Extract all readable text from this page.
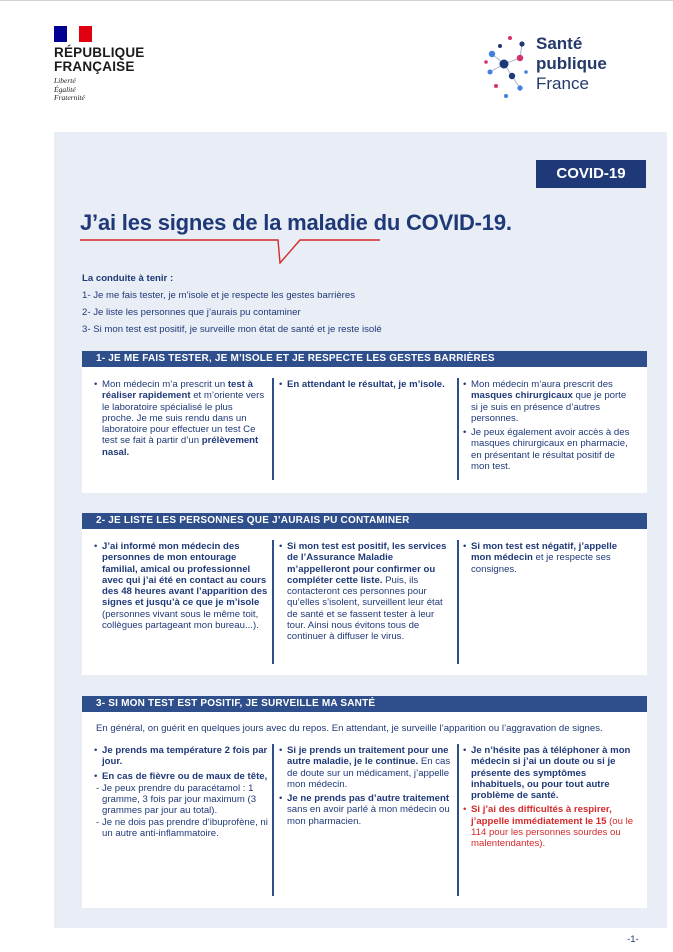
RÉPUBLIQUE
FRANÇAISE
Liberté
Égalité
Fraternité
Santé
publique
France
COVID-19
J’ai les signes de la maladie du COVID-19.
La conduite à tenir :
1- Je me fais tester, je m’isole et je respecte les gestes barrières
2- Je liste les personnes que j’aurais pu contaminer
3- Si mon test est positif, je surveille mon état de santé et je reste isolé
1- JE ME FAIS TESTER, JE M’ISOLE ET JE RESPECTE LES GESTES BARRIÈRES
• Mon médecin m’a prescrit un test à réaliser rapidement et m’oriente vers le laboratoire spécialisé le plus proche. Je me suis rendu dans un laboratoire pour effectuer un test Ce test se fait à partir d’un prélèvement nasal.
• En attendant le résultat, je m’isole.
•	Mon médecin m’aura prescrit des masques chirurgicaux que je porte si je suis en présence d’autres personnes.
• Je peux également avoir accès à des masques chirurgicaux en pharmacie, en présentant le résultat positif de mon test.
2- JE LISTE LES PERSONNES QUE J’AURAIS PU CONTAMINER
• J’ai informé mon médecin des personnes de mon entourage familial, amical ou professionnel avec qui j’ai été en contact au cours des 48 heures avant l’apparition des signes et jusqu’à ce que je m’isole (personnes vivant sous le même toit, collègues partageant mon bureau...).
• Si mon test est positif, les services de l’Assurance Maladie m’appelleront pour confirmer ou compléter cette liste. Puis, ils contacteront ces personnes pour qu’elles s’isolent, surveillent leur état de santé et se fassent tester à leur tour. Ainsi nous évitons tous de continuer à diffuser le virus.
• Si mon test est négatif, j’appelle mon médecin et je respecte ses consignes.
3- SI MON TEST EST POSITIF, JE SURVEILLE MA SANTÉ
En général, on guérit en quelques jours avec du repos. En attendant, je surveille l’apparition ou l’aggravation de signes.
• Je prends ma température 2 fois par jour.
• En cas de fièvre ou de maux de tête,
- Je peux prendre du paracétamol : 1 gramme, 3 fois par jour maximum (3 grammes par jour au total).
- Je ne dois pas prendre d’ibuprofène, ni un autre anti-inflammatoire.
• Si je prends un traitement pour une autre maladie, je le continue. En cas de doute sur un médicament, j’appelle mon médecin.
• Je ne prends pas d’autre traitement sans en avoir parlé à mon médecin ou mon pharmacien.
• Je n’hésite pas à téléphoner à mon médecin si j’ai un doute ou si je présente des symptômes inhabituels, ou pour tout autre problème de santé.
• Si j’ai des difficultés à respirer, j’appelle immédiatement le 15 (ou le 114 pour les personnes sourdes ou malentendantes).
-1-
